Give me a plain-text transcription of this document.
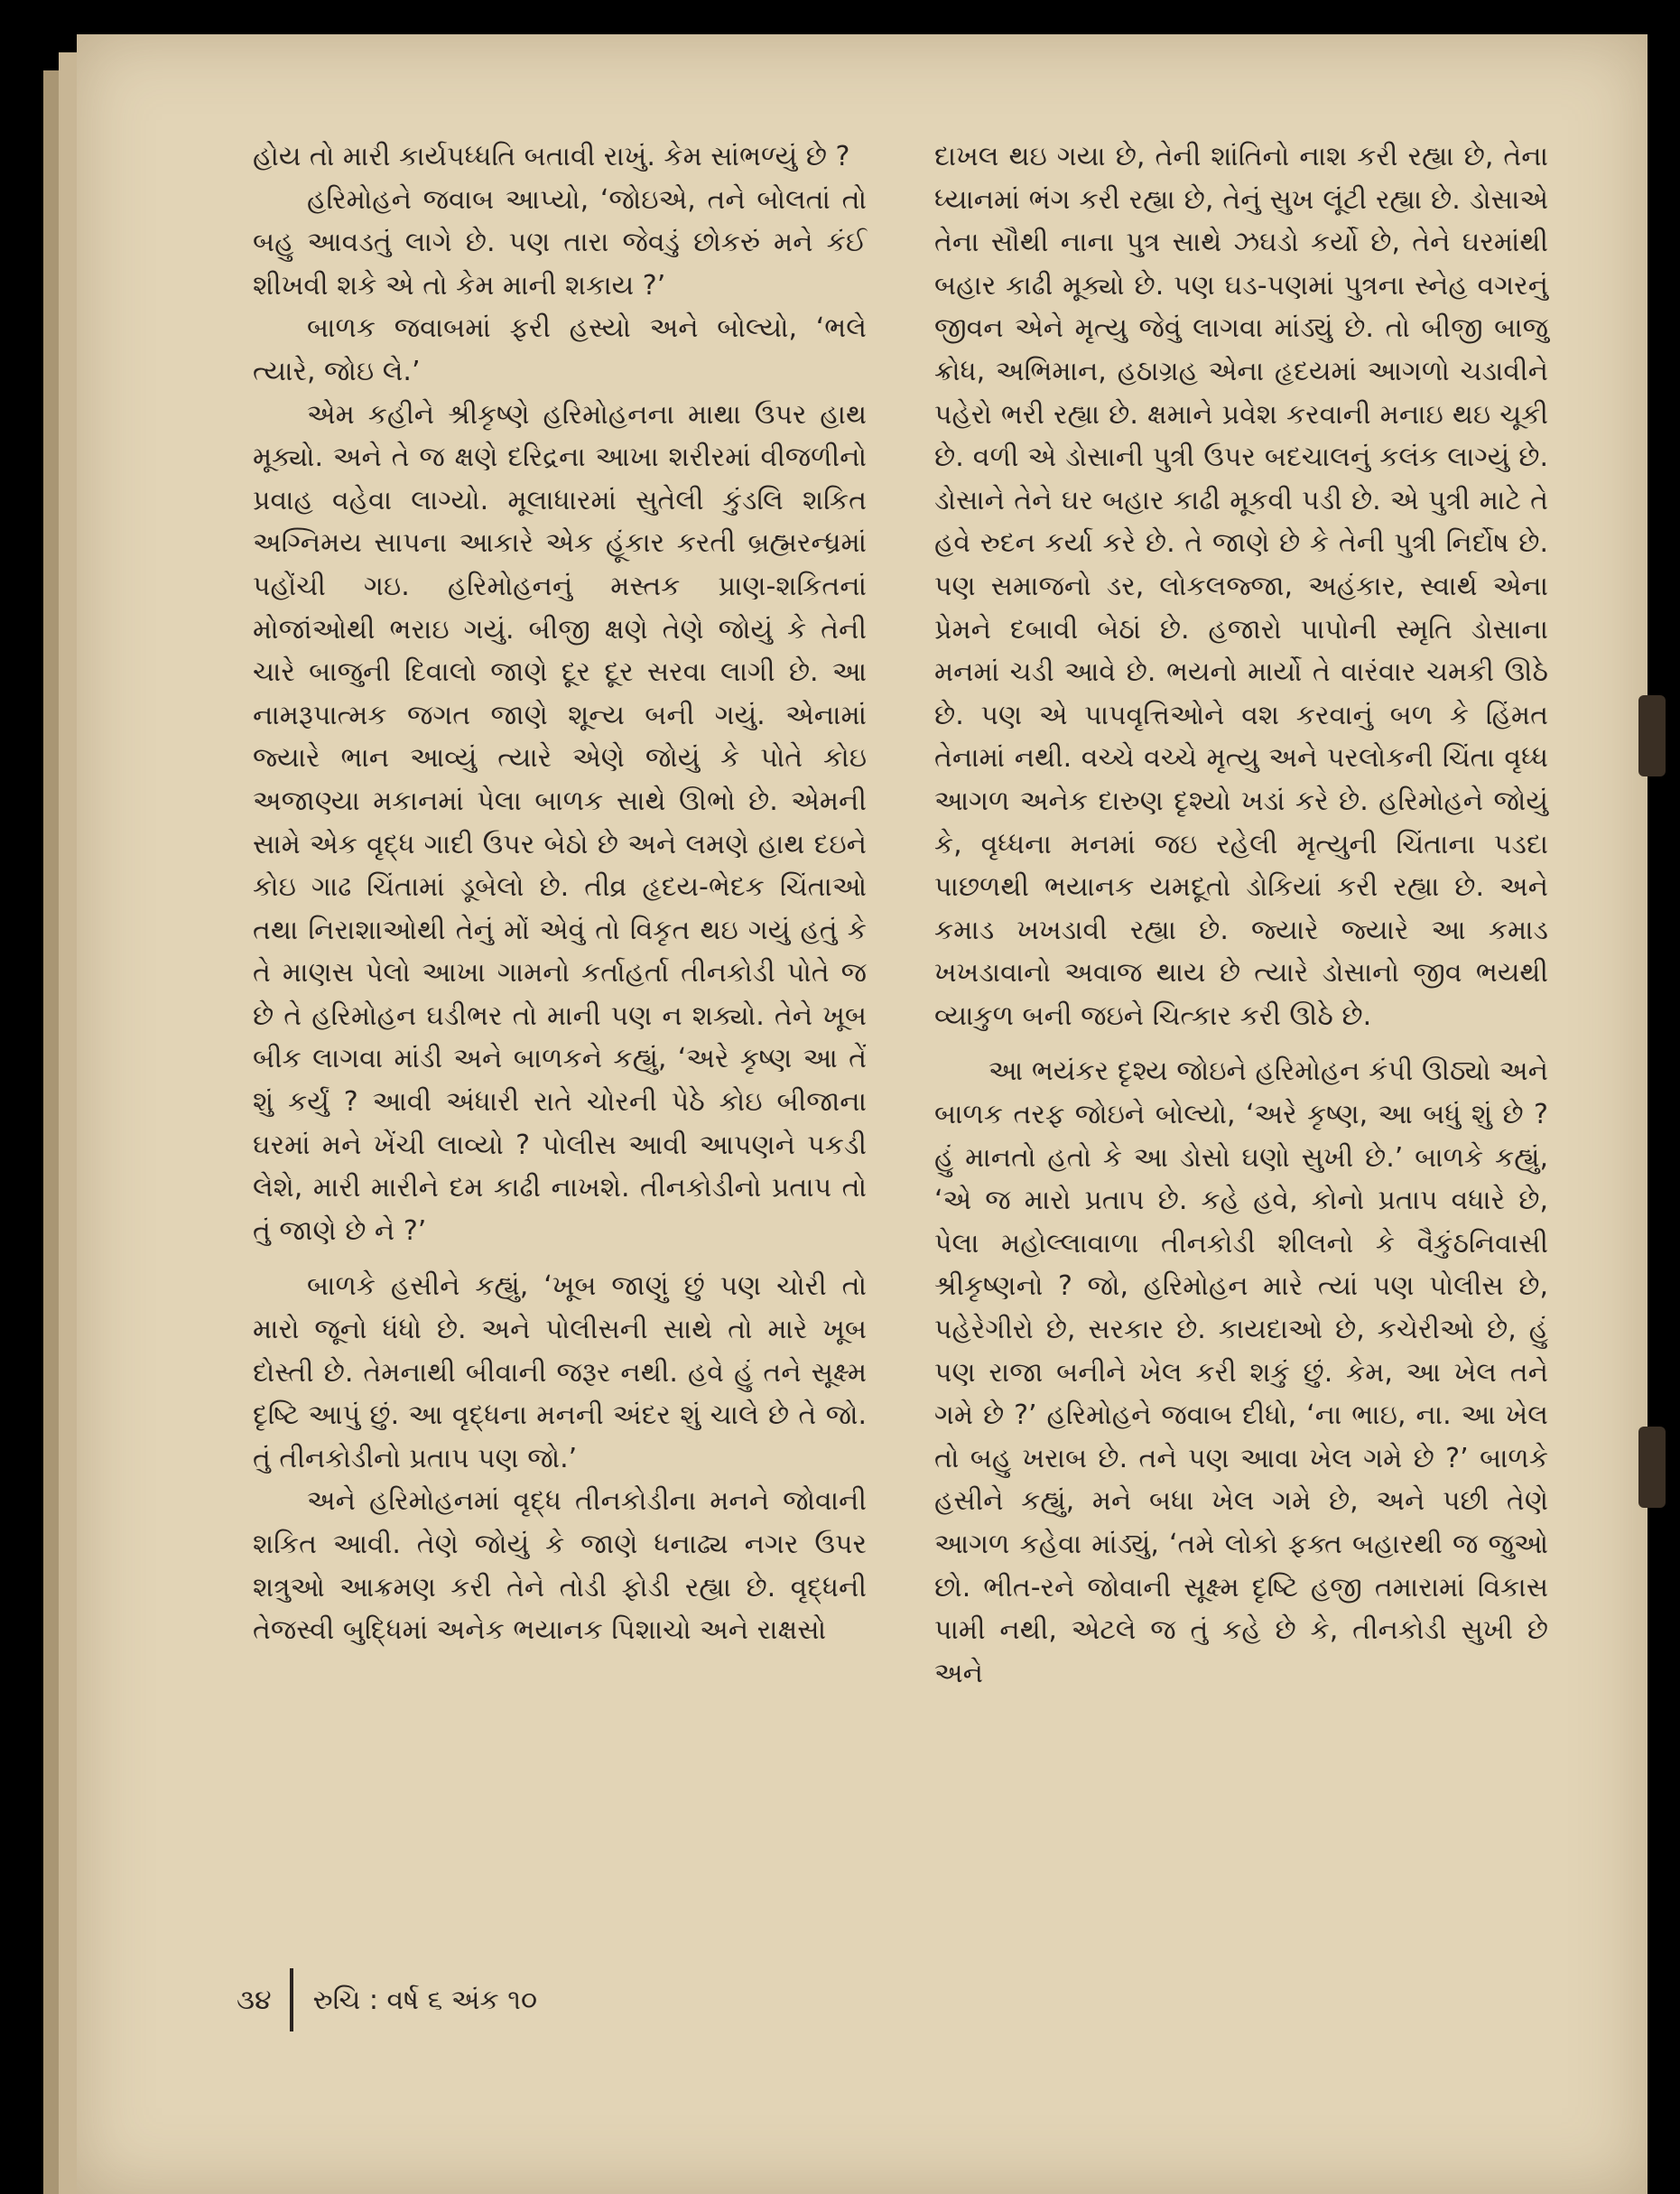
હોય તો મારી કાર્યપધ્ધતિ બતાવી રાખું. કેમ સાંભળ્યું છે ?

હરિમોહને જવાબ આપ્યો, ‘જોઇએ, તને બોલતાં તો બહુ આવડતું લાગે છે. પણ તારા જેવડું છોકરું મને કંઈ શીખવી શકે એ તો કેમ માની શકાય ?’

બાળક જવાબમાં ફરી હસ્યો અને બોલ્યો, ‘ભલે ત્યારે, જોઇ લે.’

એમ કહીને શ્રીકૃષ્ણે હરિમોહનના માથા ઉપર હાથ મૂક્યો. અને તે જ ક્ષણે દરિદ્રના આખા શરીરમાં વીજળીનો પ્રવાહ વહેવા લાગ્યો. મૂલાધારમાં સુતેલી કુંડલિ શકિત અગ્નિમય સાપના આકારે એક હૂંકાર કરતી બ્રહ્મરન્ધ્રમાં પહોંચી ગઇ. હરિમોહનનું મસ્તક પ્રાણ-શકિતનાં મોજાંઓથી ભરાઇ ગયું. બીજી ક્ષણે તેણે જોયું કે તેની ચારે બાજુની દિવાલો જાણે દૂર દૂર સરવા લાગી છે. આ નામરૂપાત્મક જગત જાણે શૂન્ય બની ગયું. એનામાં જ્યારે ભાન આવ્યું ત્યારે એણે જોયું કે પોતે કોઇ અજાણ્યા મકાનમાં પેલા બાળક સાથે ઊભો છે. એમની સામે એક વૃદ્ધ ગાદી ઉપર બેઠો છે અને લમણે હાથ દઇને કોઇ ગાઢ ચિંતામાં ડૂબેલો છે. તીવ્ર હૃદય-ભેદક ચિંતાઓ તથા નિરાશાઓથી તેનું મોં એવું તો વિકૃત થઇ ગયું હતું કે તે માણસ પેલો આખા ગામનો કર્તાહર્તા તીનકોડી પોતે જ છે તે હરિમોહન ઘડીભર તો માની પણ ન શક્યો. તેને ખૂબ બીક લાગવા માંડી અને બાળકને કહ્યું, ‘અરે કૃષ્ણ આ તેં શું કર્યું ? આવી અંધારી રાતે ચોરની પેઠે કોઇ બીજાના ઘરમાં મને ખેંચી લાવ્યો ? પોલીસ આવી આપણને પકડી લેશે, મારી મારીને દમ કાઢી નાખશે. તીનકોડીનો પ્રતાપ તો તું જાણે છે ને ?’

બાળકે હસીને કહ્યું, ‘ખૂબ જાણું છું પણ ચોરી તો મારો જૂનો ધંધો છે. અને પોલીસની સાથે તો મારે ખૂબ દોસ્તી છે. તેમનાથી બીવાની જરૂર નથી. હવે હું તને સૂક્ષ્મ દૃષ્ટિ આપું છું. આ વૃદ્ધના મનની અંદર શું ચાલે છે તે જો. તું તીનકોડીનો પ્રતાપ પણ જો.’

અને હરિમોહનમાં વૃદ્ધ તીનકોડીના મનને જોવાની શકિત આવી. તેણે જોયું કે જાણે ધનાઢ્ય નગર ઉપર શત્રુઓ આક્રમણ કરી તેને તોડી ફોડી રહ્યા છે. વૃદ્ધની તેજસ્વી બુદ્ધિમાં અનેક ભયાનક પિશાચો અને રાક્ષસો

દાખલ થઇ ગયા છે, તેની શાંતિનો નાશ કરી રહ્યા છે, તેના ધ્યાનમાં ભંગ કરી રહ્યા છે, તેનું સુખ લૂંટી રહ્યા છે. ડોસાએ તેના સૌથી નાના પુત્ર સાથે ઝઘડો કર્યો છે, તેને ઘરમાંથી બહાર કાઢી મૂક્યો છે. પણ ઘડ-પણમાં પુત્રના સ્નેહ વગરનું જીવન એને મૃત્યુ જેવું લાગવા માંડ્યું છે. તો બીજી બાજુ ક્રોધ, અભિમાન, હઠાગ્રહ એના હૃદયમાં આગળો ચડાવીને પહેરો ભરી રહ્યા છે. ક્ષમાને પ્રવેશ કરવાની મનાઇ થઇ ચૂકી છે. વળી એ ડોસાની પુત્રી ઉપર બદચાલનું કલંક લાગ્યું છે. ડોસાને તેને ઘર બહાર કાઢી મૂકવી પડી છે. એ પુત્રી માટે તે હવે રુદન કર્યા કરે છે. તે જાણે છે કે તેની પુત્રી નિર્દોષ છે. પણ સમાજનો ડર, લોકલજ્જા, અહંકાર, સ્વાર્થ એના પ્રેમને દબાવી બેઠાં છે. હજારો પાપોની સ્મૃતિ ડોસાના મનમાં ચડી આવે છે. ભયનો માર્યો તે વારંવાર ચમકી ઊઠે છે. પણ એ પાપવૃત્તિઓને વશ કરવાનું બળ કે હિંમત તેનામાં નથી. વચ્ચે વચ્ચે મૃત્યુ અને પરલોકની ચિંતા વૃધ્ધ આગળ અનેક દારુણ દૃશ્યો ખડાં કરે છે. હરિમોહને જોયું કે, વૃધ્ધના મનમાં જઇ રહેલી મૃત્યુની ચિંતાના પડદા પાછળથી ભયાનક યમદૂતો ડોકિયાં કરી રહ્યા છે. અને કમાડ ખખડાવી રહ્યા છે. જ્યારે જ્યારે આ કમાડ ખખડાવાનો અવાજ થાય છે ત્યારે ડોસાનો જીવ ભયથી વ્યાકુળ બની જઇને ચિત્કાર કરી ઊઠે છે.

આ ભયંકર દૃશ્ય જોઇને હરિમોહન કંપી ઊઠ્યો અને બાળક તરફ જોઇને બોલ્યો, ‘અરે કૃષ્ણ, આ બધું શું છે ? હું માનતો હતો કે આ ડોસો ઘણો સુખી છે.’ બાળકે કહ્યું, ‘એ જ મારો પ્રતાપ છે. કહે હવે, કોનો પ્રતાપ વધારે છે, પેલા મહોલ્લાવાળા તીનકોડી શીલનો કે વૈકુંઠનિવાસી શ્રીકૃષ્ણનો ? જો, હરિમોહન મારે ત્યાં પણ પોલીસ છે, પહેરેગીરો છે, સરકાર છે. કાયદાઓ છે, કચેરીઓ છે, હું પણ રાજા બનીને ખેલ કરી શકું છું. કેમ, આ ખેલ તને ગમે છે ?’ હરિમોહને જવાબ દીધો, ‘ના ભાઇ, ના. આ ખેલ તો બહુ ખરાબ છે. તને પણ આવા ખેલ ગમે છે ?’ બાળકે હસીને કહ્યું, મને બધા ખેલ ગમે છે, અને પછી તેણે આગળ કહેવા માંડ્યું, ‘તમે લોકો ફક્ત બહારથી જ જુઓ છો. ભીત-રને જોવાની સૂક્ષ્મ દૃષ્ટિ હજી તમારામાં વિકાસ પામી નથી, એટલે જ તું કહે છે કે, તીનકોડી સુખી છે અને

૩૪ રુચિ : વર્ષ ૬ અંક ૧૦
